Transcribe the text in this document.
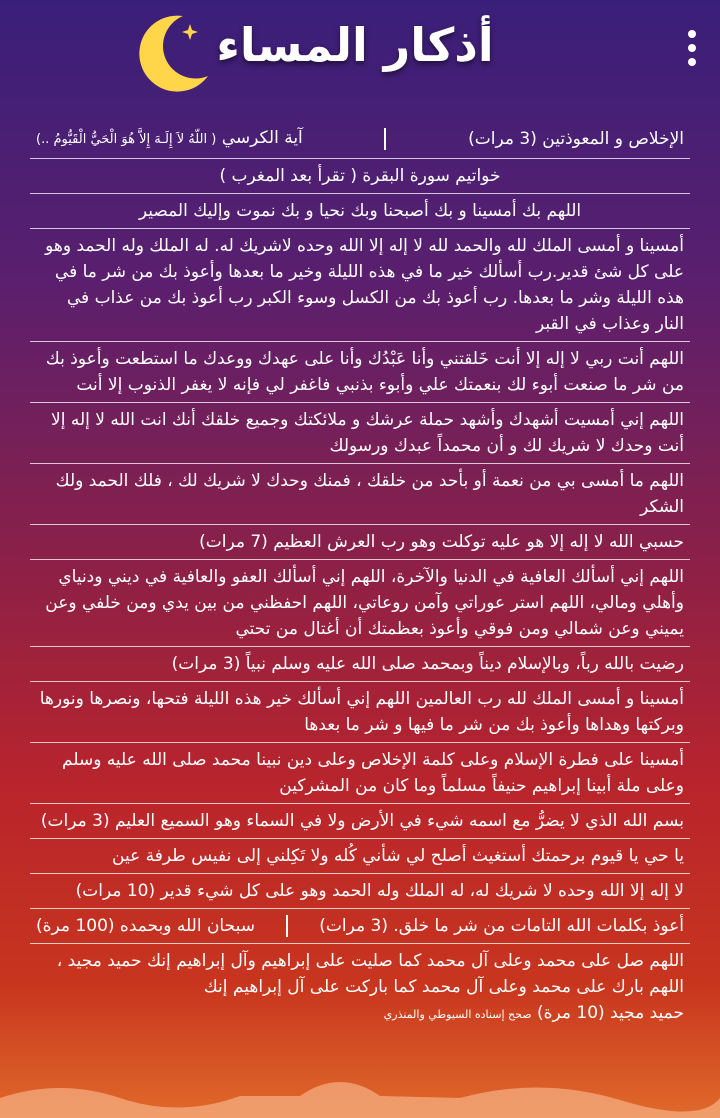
أذكار المساء
الإخلاص و المعوذتين (3 مرات)
آية الكرسي ( اللّهُ لاَ إِلَـهَ إِلاَّ هُوَ الْحَيُّ الْقَيُّومُ ..)
خواتيم سورة البقرة ( تقرأ بعد المغرب )
اللهم بك أمسينا و بك أصبحنا وبك نحيا و بك نموت وإليك المصير
أمسينا و أمسى الملك لله والحمد لله لا إله إلا الله وحده لاشريك له. له الملك وله الحمد وهو على كل شئ قدير.رب أسألك خير ما في هذه الليلة وخير ما بعدها وأعوذ بك من شر ما في هذه الليلة وشر ما بعدها. رب أعوذ بك من الكسل وسوء الكبر رب أعوذ بك من عذاب في النار وعذاب في القبر
اللهم أنت ربي لا إله إلا أنت خَلقتني وأنا عَبْدُك وأنا على عهدك ووعدك ما استطعت وأعوذ بك من شر ما صنعت أبوء لك بنعمتك علي وأبوء بذنبي فاغفر لي فإنه لا يغفر الذنوب إلا أنت
اللهم إني أمسيت أشهدك وأشهد حملة عرشك و ملائكتك وجميع خلقك أنك انت الله لا إله إلا أنت وحدك لا شريك لك و أن محمداً عبدك ورسولك
اللهم ما أمسى بي من نعمة أو بأحد من خلقك ، فمنك وحدك لا شريك لك ، فلك الحمد ولك الشكر
حسبي الله لا إله إلا هو عليه توكلت وهو رب العرش العظيم (7 مرات)
اللهم إني أسألك العافية في الدنيا والآخرة، اللهم إني أسألك العفو والعافية في ديني ودنياي وأهلي ومالي، اللهم استر عوراتي وآمن روعاتي، اللهم احفظني من بين يدي ومن خلفي وعن يميني وعن شمالي ومن فوقي وأعوذ بعظمتك أن أغتال من تحتي
رضيت بالله رباً، وبالإسلام ديناً وبمحمد صلى الله عليه وسلم نبياً (3 مرات)
أمسينا و أمسى الملك لله رب العالمين اللهم إني أسألك خير هذه الليلة فتحها، ونصرها ونورها وبركتها وهداها وأعوذ بك من شر ما فيها و شر ما بعدها
أمسينا على فطرة الإسلام وعلى كلمة الإخلاص وعلى دين نبينا محمد صلى الله عليه وسلم وعلى ملة أبينا إبراهيم حنيفاً مسلماً وما كان من المشركين
بسم الله الذي لا يضرُّ مع اسمه شيء في الأرض ولا في السماء وهو السميع العليم (3 مرات)
يا حي يا قيوم برحمتك أستغيث أصلح لي شأني كُله ولا تَكِلني إلى نفيس طرفة عين
لا إله إلا الله وحده لا شريك له، له الملك وله الحمد وهو على كل شيء قدير (10 مرات)
أعوذ بكلمات الله التامات من شر ما خلق. (3 مرات)
سبحان الله وبحمده (100 مرة)
اللهم صل على محمد وعلى آل محمد كما صليت على إبراهيم وآل إبراهيم إنك حميد مجيد ، اللهم بارك على محمد وعلى آل محمد كما باركت على آل إبراهيم إنك
حميد مجيد (10 مرة) صحح إسناده السيوطي والمنذري
